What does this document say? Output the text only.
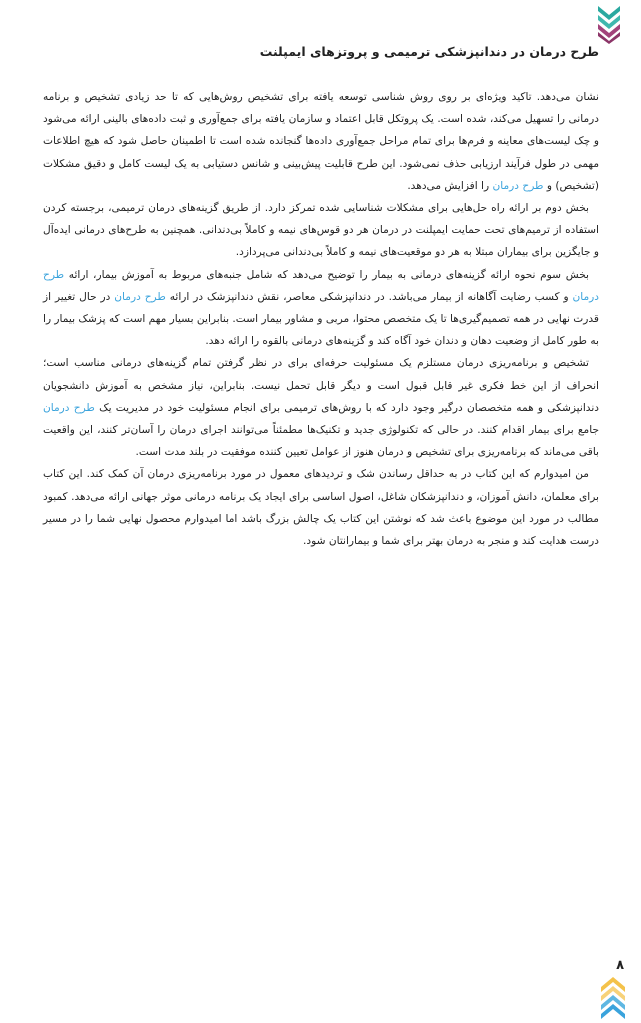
طرح درمان در دندانپزشکی ترمیمی و پروتزهای ایمپلنت

نشان می‌دهد. تاکید ویژه‌ای بر روی روش شناسی توسعه یافته برای تشخیص روش‌هایی که تا حد زیادی تشخیص و برنامه درمانی را تسهیل می‌کند، شده است. یک پروتکل قابل اعتماد و سازمان یافته برای جمع‌آوری و ثبت داده‌های بالینی ارائه می‌شود و چک لیست‌های معاینه و فرم‌ها برای تمام مراحل جمع‌آوری داده‌ها گنجانده شده است تا اطمینان حاصل شود که هیچ اطلاعات مهمی در طول فرآیند ارزیابی حذف نمی‌شود. این طرح قابلیت پیش‌بینی و شانس دستیابی به یک لیست کامل و دقیق مشکلات (تشخیص) و طرح درمان را افزایش می‌دهد.

بخش دوم بر ارائه راه حل‌هایی برای مشکلات شناسایی شده تمرکز دارد. از طریق گزینه‌های درمان ترمیمی، برجسته کردن استفاده از ترمیم‌های تحت حمایت ایمپلنت در درمان هر دو قوس‌های نیمه و کاملاً بی‌دندانی. همچنین به طرح‌های درمانی ایده‌آل و جایگزین برای بیماران مبتلا به هر دو موقعیت‌های نیمه و کاملاً بی‌دندانی می‌پردازد.

بخش سوم نحوه ارائه گزینه‌های درمانی به بیمار را توضیح می‌دهد که شامل جنبه‌های مربوط به آموزش بیمار، ارائه طرح درمان و کسب رضایت آگاهانه از بیمار می‌باشد. در دندانپزشکی معاصر، نقش دندانپزشک در ارائه طرح درمان در حال تغییر از قدرت نهایی در همه تصمیم‌گیری‌ها تا یک متخصص محتوا، مربی و مشاور بیمار است. بنابراین بسیار مهم است که پزشک بیمار را به طور کامل از وضعیت دهان و دندان خود آگاه کند و گزینه‌های درمانی بالقوه را ارائه دهد.

تشخیص و برنامه‌ریزی درمان مستلزم یک مسئولیت حرفه‌ای برای در نظر گرفتن تمام گزینه‌های درمانی مناسب است؛ انحراف از این خط فکری غیر قابل قبول است و دیگر قابل تحمل نیست. بنابراین، نیاز مشخص به آموزش دانشجویان دندانپزشکی و همه متخصصان درگیر وجود دارد که با روش‌های ترمیمی برای انجام مسئولیت خود در مدیریت یک طرح درمان جامع برای بیمار اقدام کنند. در حالی که تکنولوژی جدید و تکنیک‌ها مطمئناً می‌توانند اجرای درمان را آسان‌تر کنند، این واقعیت باقی می‌ماند که برنامه‌ریزی برای تشخیص و درمان هنوز از عوامل تعیین کننده موفقیت در بلند مدت است.

من امیدوارم که این کتاب در به حداقل رساندن شک و تردیدهای معمول در مورد برنامه‌ریزی درمان آن کمک کند. این کتاب برای معلمان، دانش آموزان، و دندانپزشکان شاغل، اصول اساسی برای ایجاد یک برنامه درمانی موثر جهانی ارائه می‌دهد. کمبود مطالب در مورد این موضوع باعث شد که نوشتن این کتاب یک چالش بزرگ باشد اما امیدوارم محصول نهایی شما را در مسیر درست هدایت کند و منجر به درمان بهتر برای شما و بیمارانتان شود.

۸
